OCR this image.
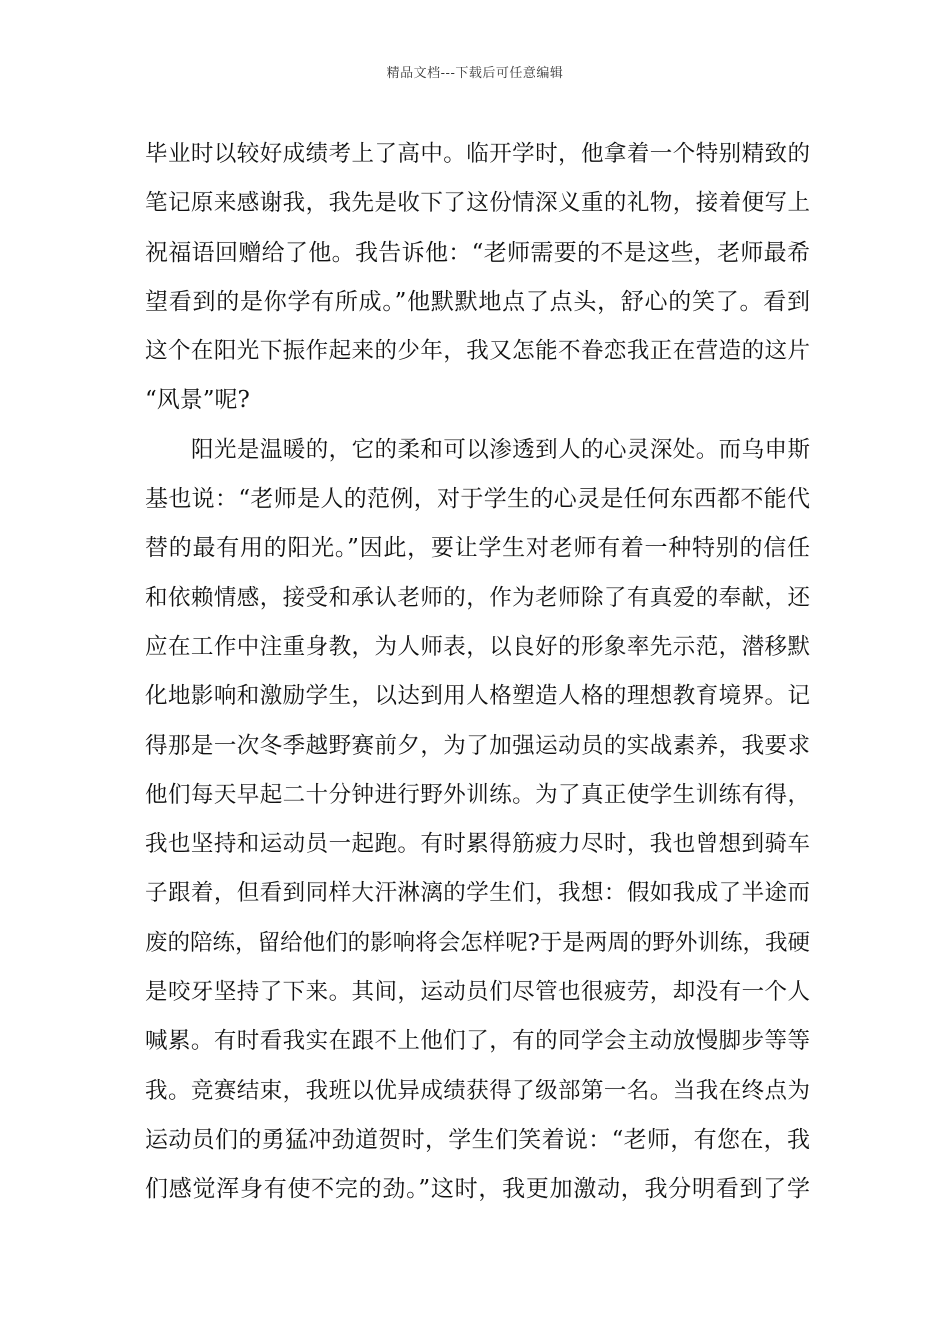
精品文档---下载后可任意编辑
毕业时以较好成绩考上了高中。临开学时，他拿着一个特别精致的
笔记原来感谢我，我先是收下了这份情深义重的礼物，接着便写上
祝福语回赠给了他。我告诉他：“老师需要的不是这些，老师最希
望看到的是你学有所成。”他默默地点了点头，舒心的笑了。看到
这个在阳光下振作起来的少年，我又怎能不眷恋我正在营造的这片
“风景”呢?
阳光是温暖的，它的柔和可以渗透到人的心灵深处。而乌申斯
基也说：“老师是人的范例，对于学生的心灵是任何东西都不能代
替的最有用的阳光。”因此，要让学生对老师有着一种特别的信任
和依赖情感，接受和承认老师的，作为老师除了有真爱的奉献，还
应在工作中注重身教，为人师表，以良好的形象率先示范，潜移默
化地影响和激励学生，以达到用人格塑造人格的理想教育境界。记
得那是一次冬季越野赛前夕，为了加强运动员的实战素养，我要求
他们每天早起二十分钟进行野外训练。为了真正使学生训练有得，
我也坚持和运动员一起跑。有时累得筋疲力尽时，我也曾想到骑车
子跟着，但看到同样大汗淋漓的学生们，我想：假如我成了半途而
废的陪练，留给他们的影响将会怎样呢?于是两周的野外训练，我硬
是咬牙坚持了下来。其间，运动员们尽管也很疲劳，却没有一个人
喊累。有时看我实在跟不上他们了，有的同学会主动放慢脚步等等
我。竞赛结束，我班以优异成绩获得了级部第一名。当我在终点为
运动员们的勇猛冲劲道贺时，学生们笑着说：“老师，有您在，我
们感觉浑身有使不完的劲。”这时，我更加激动，我分明看到了学
